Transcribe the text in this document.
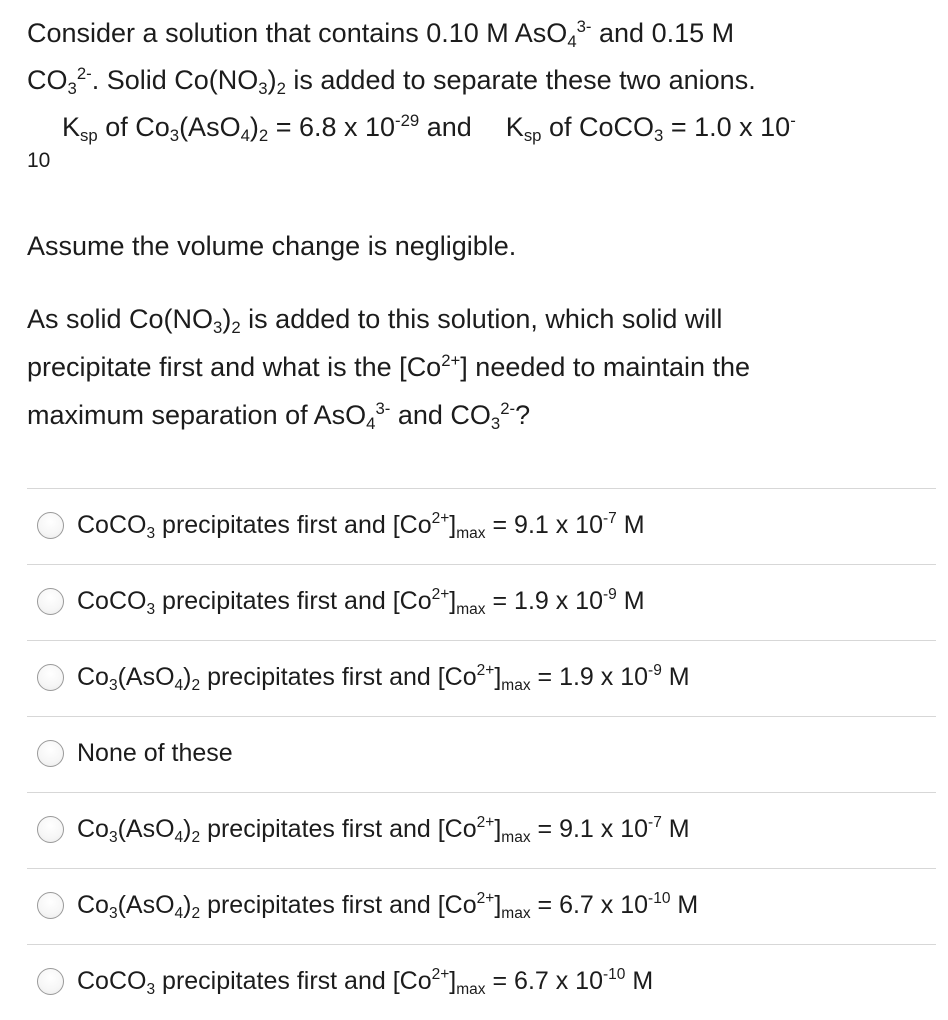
Consider a solution that contains 0.10 M AsO$_4^{3-}$ and 0.15 M

$CO_3^{2-}$. Solid $Co(NO_3)_2$ is added to separate these two anions.

$K_{sp}$ of $Co_3(AsO_4)_2 = 6.8$ x $10^{-29}$ and $K_{sp}$ of CoCO$_3$ = 1.0 x 10-

10

Assume the volume change is negligible.

As solid $Co(NO_3)_2$ is added to this solution, which solid will

precipitate first and what is the $[Co^{2+}]$ needed to maintain the

maximum separation of AsO$_4^{3-}$ and $CO_3^{2-}$?

CoCO$_3$ precipitates first and $[Co^{2+}]_{max} = 9.1$ x $10^{-7}$ M
CoCO$_3$ precipitates first and $[Co^{2+}]_{max} = 1.9$ x $10^{-9}$ M
$Co_3(AsO_4)_2$ precipitates first and $[Co^{2+}]_{max} = 1.9$ x $10^{-9}$ M
None of these
$Co_3(AsO_4)_2$ precipitates first and $[Co^{2+}]_{max} = 9.1$ x $10^{-7}$ M
$Co_3(AsO_4)_2$ precipitates first and $[Co^{2+}]_{max} = 6.7$ x $10^{-10}$ M
CoCO$_3$ precipitates first and $[Co^{2+}]_{max} = 6.7$ x $10^{-10}$ M
